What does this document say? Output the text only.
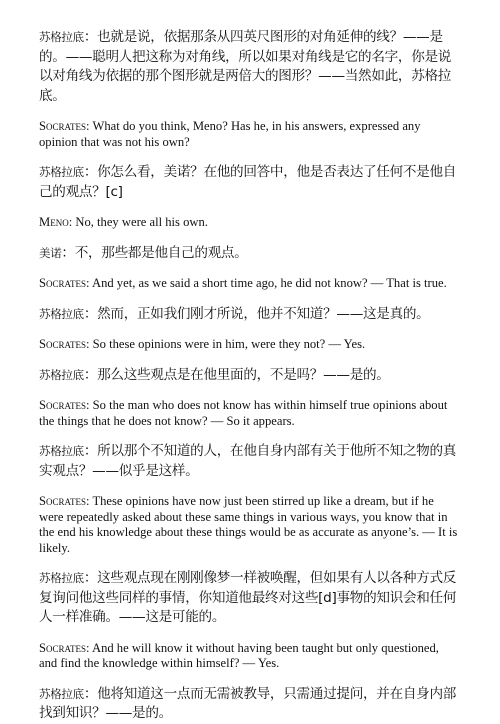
苏格拉底：也就是说，依据那条从四英尺图形的对角延伸的线？——是的。——聪明人把这称为对角线，所以如果对角线是它的名字，你是说以对角线为依据的那个图形就是两倍大的图形？——当然如此，苏格拉底。

Socrates: What do you think, Meno? Has he, in his answers, expressed any opinion that was not his own?

苏格拉底：你怎么看，美诺？在他的回答中，他是否表达了任何不是他自己的观点？[c]

Meno: No, they were all his own.

美诺：不，那些都是他自己的观点。

Socrates: And yet, as we said a short time ago, he did not know? — That is true.

苏格拉底：然而，正如我们刚才所说，他并不知道？——这是真的。

Socrates: So these opinions were in him, were they not? — Yes.

苏格拉底：那么这些观点是在他里面的，不是吗？——是的。

Socrates: So the man who does not know has within himself true opinions about the things that he does not know? — So it appears.

苏格拉底：所以那个不知道的人，在他自身内部有关于他所不知之物的真实观点？——似乎是这样。

Socrates: These opinions have now just been stirred up like a dream, but if he were repeatedly asked about these same things in various ways, you know that in the end his knowledge about these things would be as accurate as anyone’s. — It is likely.

苏格拉底：这些观点现在刚刚像梦一样被唤醒，但如果有人以各种方式反复询问他这些同样的事情，你知道他最终对这些[d]事物的知识会和任何人一样准确。——这是可能的。

Socrates: And he will know it without having been taught but only questioned, and find the knowledge within himself? — Yes.

苏格拉底：他将知道这一点而无需被教导，只需通过提问，并在自身内部找到知识？——是的。
